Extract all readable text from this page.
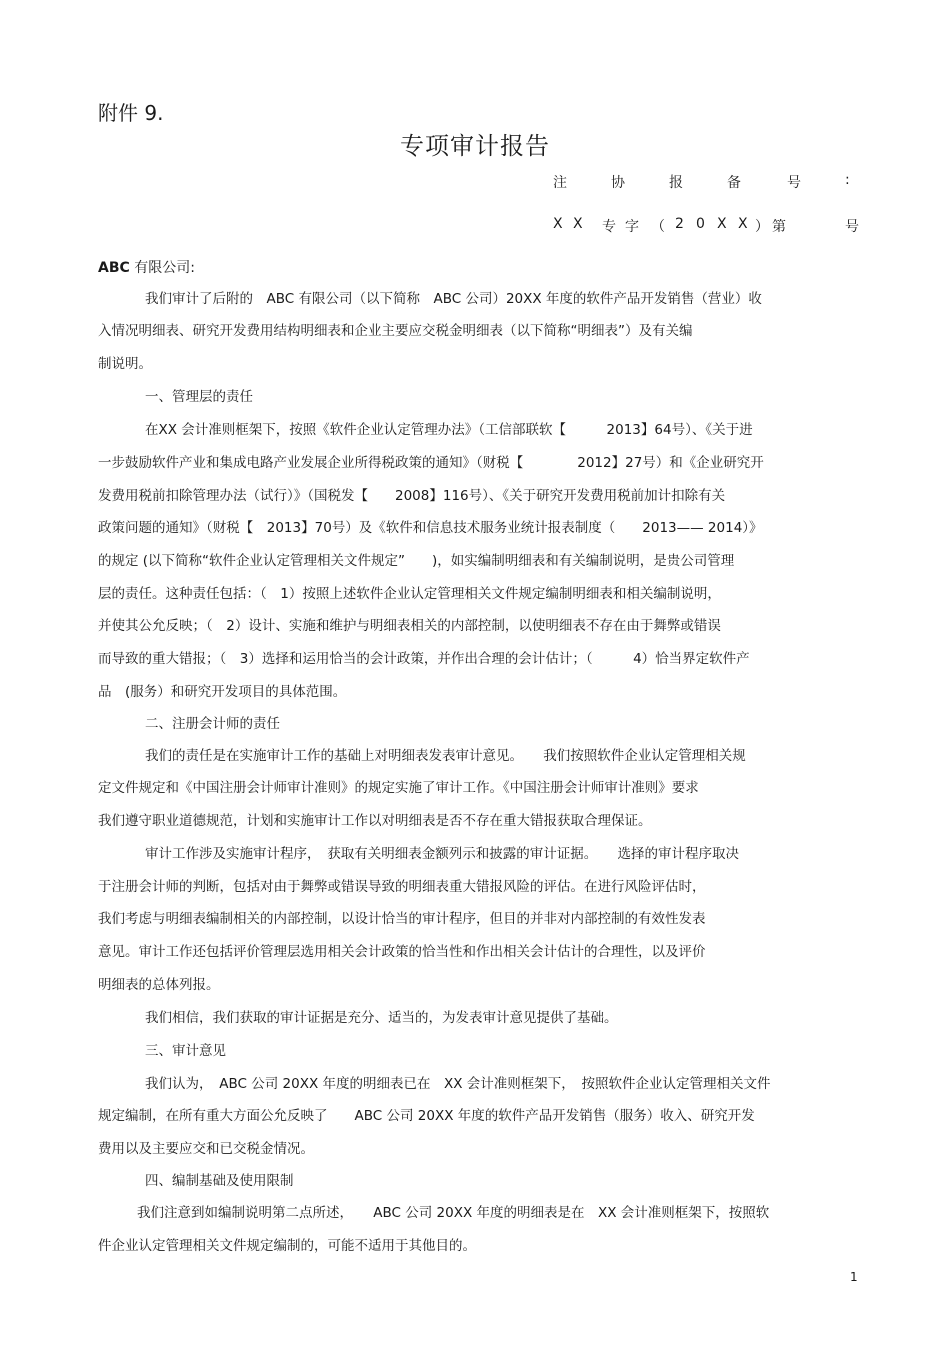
附件 9.
专项审计报告
注	协	报	备	号	:
X X 专 字 （ 2 0 X X ） 第	号
ABC 有限公司:
我们审计了后附的　ABC 有限公司（以下简称　ABC 公司）20XX 年度的软件产品开发销售（营业）收
入情况明细表、研究开发费用结构明细表和企业主要应交税金明细表（以下简称“明细表”）及有关编
制说明。
一、管理层的责任
在XX 会计准则框架下，按照《软件企业认定管理办法》（工信部联软【　　　2013】64号）、《关于进
一步鼓励软件产业和集成电路产业发展企业所得税政策的通知》（财税【　　　　2012】27号）和《企业研究开
发费用税前扣除管理办法（试行）》（国税发【　　2008】116号）、《关于研究开发费用税前加计扣除有关
政策问题的通知》（财税【　2013】70号）及《软件和信息技术服务业统计报表制度（　　2013—— 2014）》
的规定 (以下简称“软件企业认定管理相关文件规定”　　)，如实编制明细表和有关编制说明，是贵公司管理
层的责任。这种责任包括：（　1）按照上述软件企业认定管理相关文件规定编制明细表和相关编制说明，
并使其公允反映；（　2）设计、实施和维护与明细表相关的内部控制，以使明细表不存在由于舞弊或错误
而导致的重大错报；（　3）选择和运用恰当的会计政策，并作出合理的会计估计；（　　　4）恰当界定软件产
品　(服务）和研究开发项目的具体范围。
二、注册会计师的责任
我们的责任是在实施审计工作的基础上对明细表发表审计意见。　　我们按照软件企业认定管理相关规
定文件规定和《中国注册会计师审计准则》的规定实施了审计工作。《中国注册会计师审计准则》要求
我们遵守职业道德规范，计划和实施审计工作以对明细表是否不存在重大错报获取合理保证。
审计工作涉及实施审计程序，　获取有关明细表金额列示和披露的审计证据。　　选择的审计程序取决
于注册会计师的判断，包括对由于舞弊或错误导致的明细表重大错报风险的评估。在进行风险评估时，
我们考虑与明细表编制相关的内部控制，以设计恰当的审计程序，但目的并非对内部控制的有效性发表
意见。审计工作还包括评价管理层选用相关会计政策的恰当性和作出相关会计估计的合理性，以及评价
明细表的总体列报。
我们相信，我们获取的审计证据是充分、适当的，为发表审计意见提供了基础。
三、审计意见
我们认为，　ABC 公司 20XX 年度的明细表已在　XX 会计准则框架下，　按照软件企业认定管理相关文件
规定编制，在所有重大方面公允反映了　　ABC 公司 20XX 年度的软件产品开发销售（服务）收入、研究开发
费用以及主要应交和已交税金情况。
四、编制基础及使用限制
我们注意到如编制说明第二点所述，　　ABC 公司 20XX 年度的明细表是在　XX 会计准则框架下，按照软
件企业认定管理相关文件规定编制的，可能不适用于其他目的。
1
